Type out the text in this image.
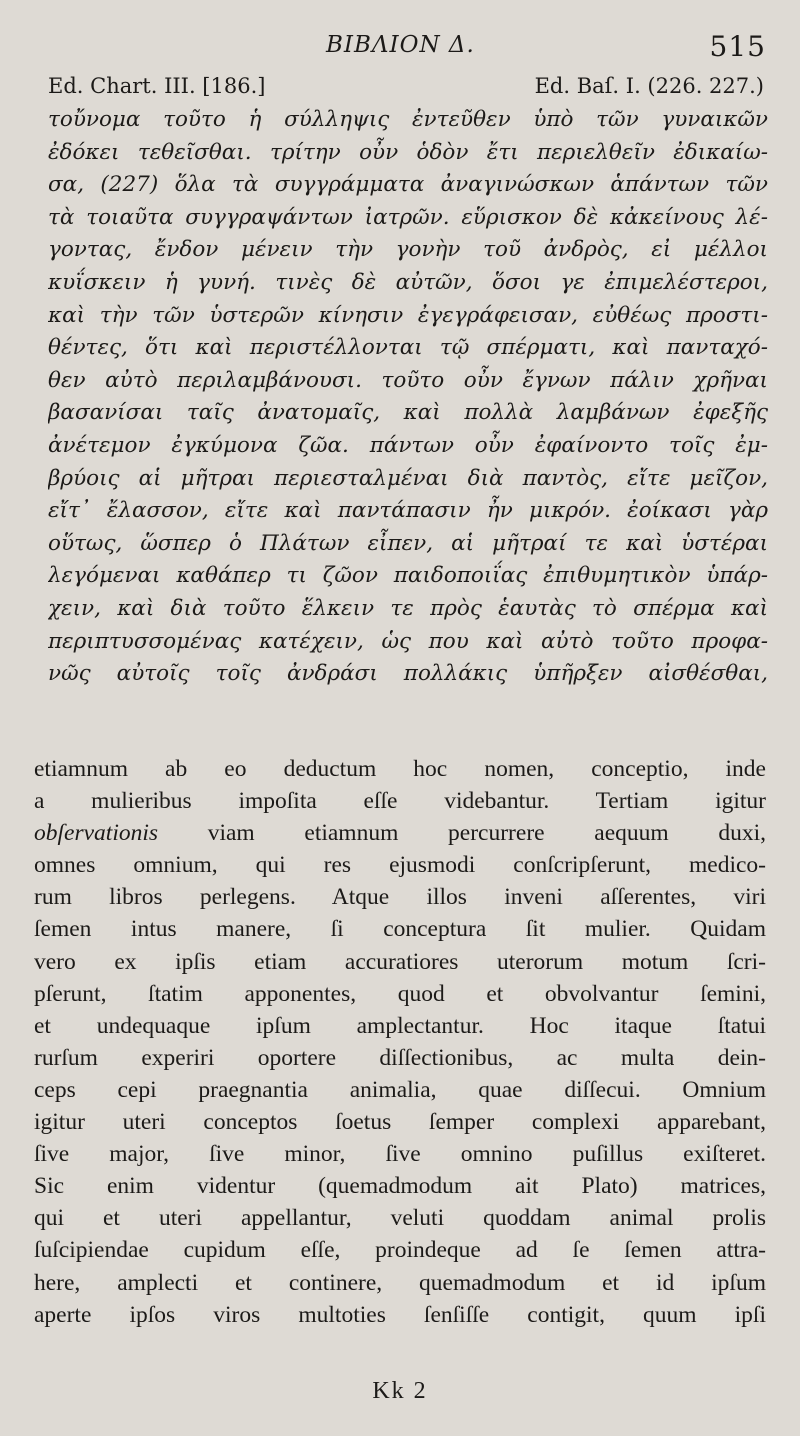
ΒΙΒΛΙΟΝ Δ.	515
Ed. Chart. III. [186.]	Ed. Baſ. I. (226. 227.)
τοὔνομα τοῦτο ἡ σύλληψις ἐντεῦθεν ὑπὸ τῶν γυναικῶν
ἐδόκει τεθεῖσθαι. τρίτην οὖν ὁδὸν ἔτι περιελθεῖν ἐδικαίω-
σα, (227) ὅλα τὰ συγγράμματα ἀναγινώσκων ἁπάντων τῶν
τὰ τοιαῦτα συγγραψάντων ἰατρῶν. εὕρισκον δὲ κἀκείνους λέ-
γοντας, ἔνδον μένειν τὴν γονὴν τοῦ ἀνδρὸς, εἰ μέλλοι
κυΐσκειν ἡ γυνή. τινὲς δὲ αὐτῶν, ὅσοι γε ἐπιμελέστεροι,
καὶ τὴν τῶν ὑστερῶν κίνησιν ἐγεγράφεισαν, εὐθέως προστι-
θέντες, ὅτι καὶ περιστέλλονται τῷ σπέρματι, καὶ πανταχό-
θεν αὐτὸ περιλαμβάνουσι. τοῦτο οὖν ἔγνων πάλιν χρῆναι
βασανίσαι ταῖς ἀνατομαῖς, καὶ πολλὰ λαμβάνων ἐφεξῆς
ἀνέτεμον ἐγκύμονα ζῶα. πάντων οὖν ἐφαίνοντο τοῖς ἐμ-
βρύοις αἱ μῆτραι περιεσταλμέναι διὰ παντὸς, εἴτε μεῖζον,
εἴτ᾽ ἔλασσον, εἴτε καὶ παντάπασιν ἦν μικρόν. ἐοίκασι γὰρ
οὕτως, ὥσπερ ὁ Πλάτων εἶπεν, αἱ μῆτραί τε καὶ ὑστέραι
λεγόμεναι καθάπερ τι ζῶον παιδοποιΐας ἐπιθυμητικὸν ὑπάρ-
χειν, καὶ διὰ τοῦτο ἕλκειν τε πρὸς ἑαυτὰς τὸ σπέρμα καὶ
περιπτυσσομένας κατέχειν, ὡς που καὶ αὐτὸ τοῦτο προφα-
νῶς αὐτοῖς τοῖς ἀνδράσι πολλάκις ὑπῆρξεν αἰσθέσθαι,
etiamnum ab eo deductum hoc nomen, conceptio, inde
a mulieribus impoſita eſſe videbantur. Tertiam igitur
obſervationis viam etiamnum percurrere aequum duxi,
omnes omnium, qui res ejusmodi conſcripſerunt, medico-
rum libros perlegens. Atque illos inveni aſſerentes, viri
ſemen intus manere, ſi conceptura ſit mulier. Quidam
vero ex ipſis etiam accuratiores uterorum motum ſcri-
pſerunt, ſtatim apponentes, quod et obvolvantur ſemini,
et undequaque ipſum amplectantur. Hoc itaque ſtatui
rurſum experiri oportere diſſectionibus, ac multa dein-
ceps cepi praegnantia animalia, quae diſſecui. Omnium
igitur uteri conceptos ſoetus ſemper complexi apparebant,
ſive major, ſive minor, ſive omnino puſillus exiſteret.
Sic enim videntur (quemadmodum ait Plato) matrices,
qui et uteri appellantur, veluti quoddam animal prolis
ſuſcipiendae cupidum eſſe, proindeque ad ſe ſemen attra-
here, amplecti et continere, quemadmodum et id ipſum
aperte ipſos viros multoties ſenſiſſe contigit, quum ipſi
Kk 2
